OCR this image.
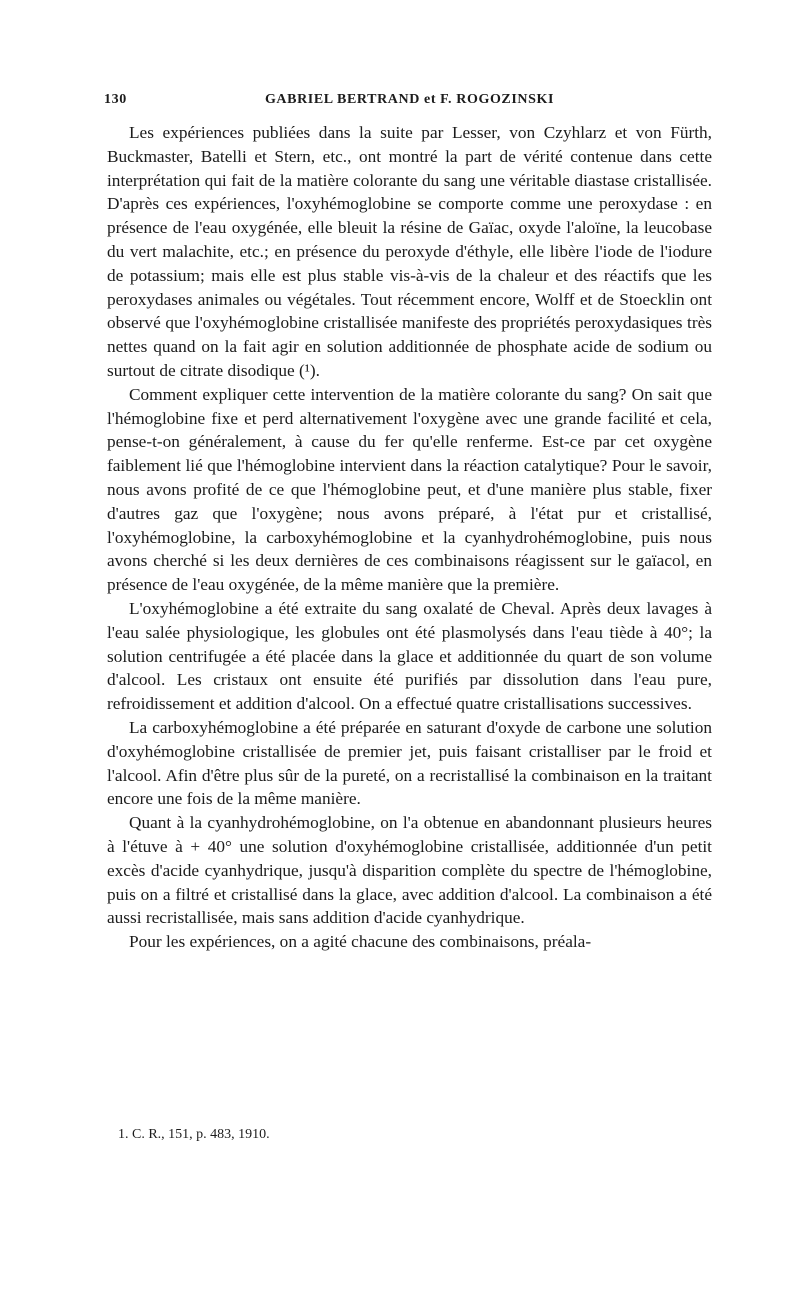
130	GABRIEL BERTRAND et F. ROGOZINSKI

Les expériences publiées dans la suite par Lesser, von Czyhlarz et von Fürth, Buckmaster, Batelli et Stern, etc., ont montré la part de vérité contenue dans cette interprétation qui fait de la matière colorante du sang une véritable diastase cristallisée. D'après ces expériences, l'oxyhémoglobine se comporte comme une peroxydase : en présence de l'eau oxygénée, elle bleuit la résine de Gaïac, oxyde l'aloïne, la leucobase du vert malachite, etc.; en présence du peroxyde d'éthyle, elle libère l'iode de l'iodure de potassium; mais elle est plus stable vis-à-vis de la chaleur et des réactifs que les peroxydases animales ou végétales. Tout récemment encore, Wolff et de Stoecklin ont observé que l'oxyhémoglobine cristallisée manifeste des propriétés peroxydasiques très nettes quand on la fait agir en solution additionnée de phosphate acide de sodium ou surtout de citrate disodique (¹).

Comment expliquer cette intervention de la matière colorante du sang? On sait que l'hémoglobine fixe et perd alternativement l'oxygène avec une grande facilité et cela, pense-t-on généralement, à cause du fer qu'elle renferme. Est-ce par cet oxygène faiblement lié que l'hémoglobine intervient dans la réaction catalytique? Pour le savoir, nous avons profité de ce que l'hémoglobine peut, et d'une manière plus stable, fixer d'autres gaz que l'oxygène; nous avons préparé, à l'état pur et cristallisé, l'oxyhémoglobine, la carboxyhémoglobine et la cyanhydrohémoglobine, puis nous avons cherché si les deux dernières de ces combinaisons réagissent sur le gaïacol, en présence de l'eau oxygénée, de la même manière que la première.

L'oxyhémoglobine a été extraite du sang oxalaté de Cheval. Après deux lavages à l'eau salée physiologique, les globules ont été plasmolysés dans l'eau tiède à 40°; la solution centrifugée a été placée dans la glace et additionnée du quart de son volume d'alcool. Les cristaux ont ensuite été purifiés par dissolution dans l'eau pure, refroidissement et addition d'alcool. On a effectué quatre cristallisations successives.

La carboxyhémoglobine a été préparée en saturant d'oxyde de carbone une solution d'oxyhémoglobine cristallisée de premier jet, puis faisant cristalliser par le froid et l'alcool. Afin d'être plus sûr de la pureté, on a recristallisé la combinaison en la traitant encore une fois de la même manière.

Quant à la cyanhydrohémoglobine, on l'a obtenue en abandonnant plusieurs heures à l'étuve à + 40° une solution d'oxyhémoglobine cristallisée, additionnée d'un petit excès d'acide cyanhydrique, jusqu'à disparition complète du spectre de l'hémoglobine, puis on a filtré et cristallisé dans la glace, avec addition d'alcool. La combinaison a été aussi recristallisée, mais sans addition d'acide cyanhydrique.

Pour les expériences, on a agité chacune des combinaisons, préala-

1. C. R., 151, p. 483, 1910.
